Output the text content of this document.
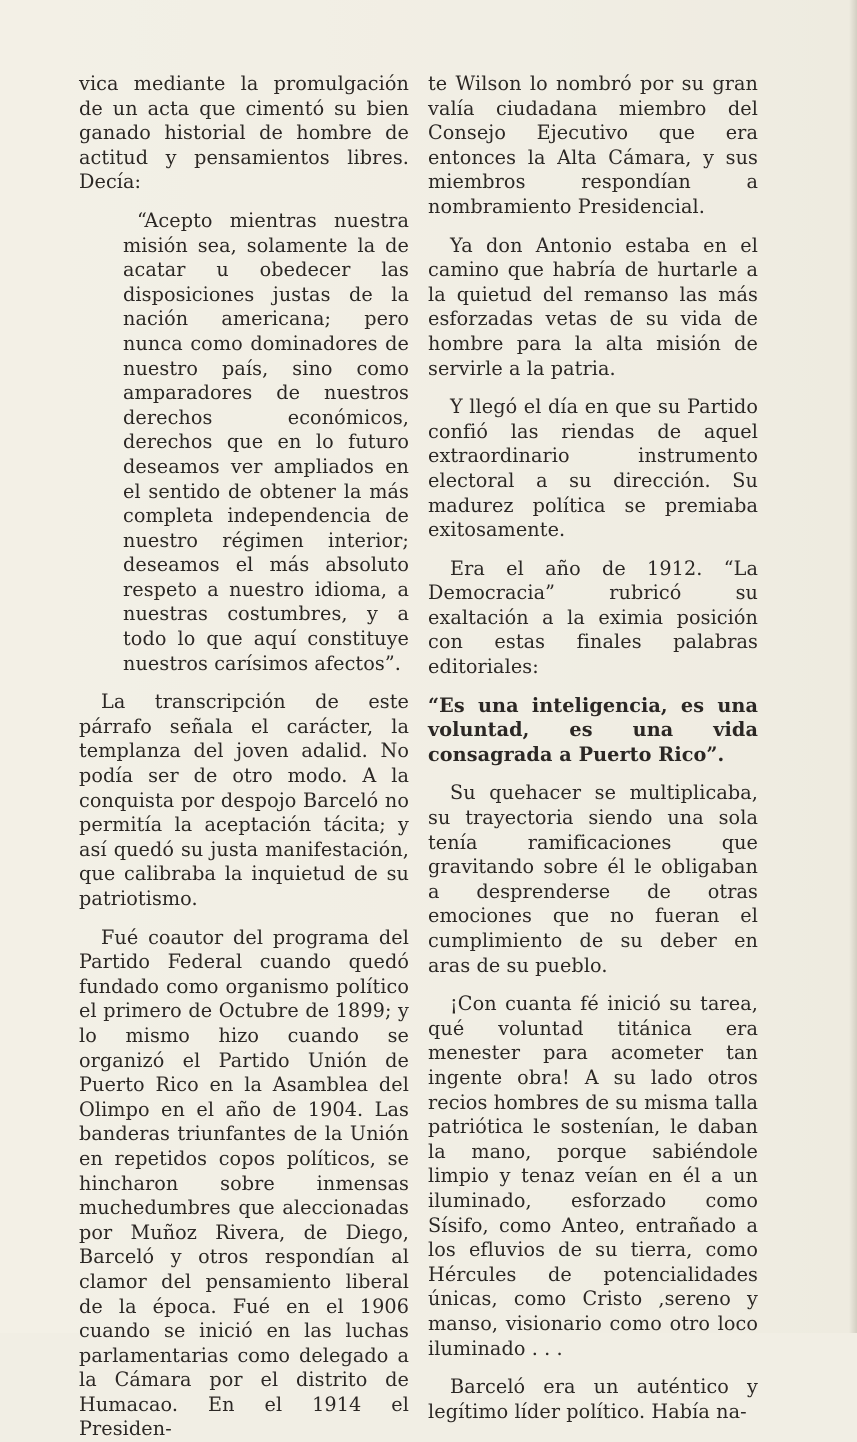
vica mediante la promulgación de un acta que cimentó su bien ganado historial de hombre de actitud y pensamientos libres. Decía:

“Acepto mientras nuestra misión sea, solamente la de acatar u obedecer las disposiciones justas de la nación americana; pero nunca como dominadores de nuestro país, sino como amparadores de nuestros derechos económicos, derechos que en lo futuro deseamos ver ampliados en el sentido de obtener la más completa independencia de nuestro régimen interior; deseamos el más absoluto respeto a nuestro idioma, a nuestras costumbres, y a todo lo que aquí constituye nuestros carísimos afectos”.

La transcripción de este párrafo señala el carácter, la templanza del joven adalid. No podía ser de otro modo. A la conquista por despojo Barceló no permitía la aceptación tácita; y así quedó su justa manifestación, que calibraba la inquietud de su patriotismo.

Fué coautor del programa del Partido Federal cuando quedó fundado como organismo político el primero de Octubre de 1899; y lo mismo hizo cuando se organizó el Partido Unión de Puerto Rico en la Asamblea del Olimpo en el año de 1904. Las banderas triunfantes de la Unión en repetidos copos políticos, se hincharon sobre inmensas muchedumbres que aleccionadas por Muñoz Rivera, de Diego, Barceló y otros respondían al clamor del pensamiento liberal de la época. Fué en el 1906 cuando se inició en las luchas parlamentarias como delegado a la Cámara por el distrito de Humacao. En el 1914 el Presiden-

te Wilson lo nombró por su gran valía ciudadana miembro del Consejo Ejecutivo que era entonces la Alta Cámara, y sus miembros respondían a nombramiento Presidencial.

Ya don Antonio estaba en el camino que habría de hurtarle a la quietud del remanso las más esforzadas vetas de su vida de hombre para la alta misión de servirle a la patria.

Y llegó el día en que su Partido confió las riendas de aquel extraordinario instrumento electoral a su dirección. Su madurez política se premiaba exitosamente.

Era el año de 1912. “La Democracia” rubricó su exaltación a la eximia posición con estas finales palabras editoriales:

“Es una inteligencia, es una voluntad, es una vida consagrada a Puerto Rico”.

Su quehacer se multiplicaba, su trayectoria siendo una sola tenía ramificaciones que gravitando sobre él le obligaban a desprenderse de otras emociones que no fueran el cumplimiento de su deber en aras de su pueblo.

¡Con cuanta fé inició su tarea, qué voluntad titánica era menester para acometer tan ingente obra! A su lado otros recios hombres de su misma talla patriótica le sostenían, le daban la mano, porque sabiéndole limpio y tenaz veían en él a un iluminado, esforzado como Sísifo, como Anteo, entrañado a los efluvios de su tierra, como Hércules de potencialidades únicas, como Cristo ,sereno y manso, visionario como otro loco iluminado . . .

Barceló era un auténtico y legítimo líder político. Había na-
